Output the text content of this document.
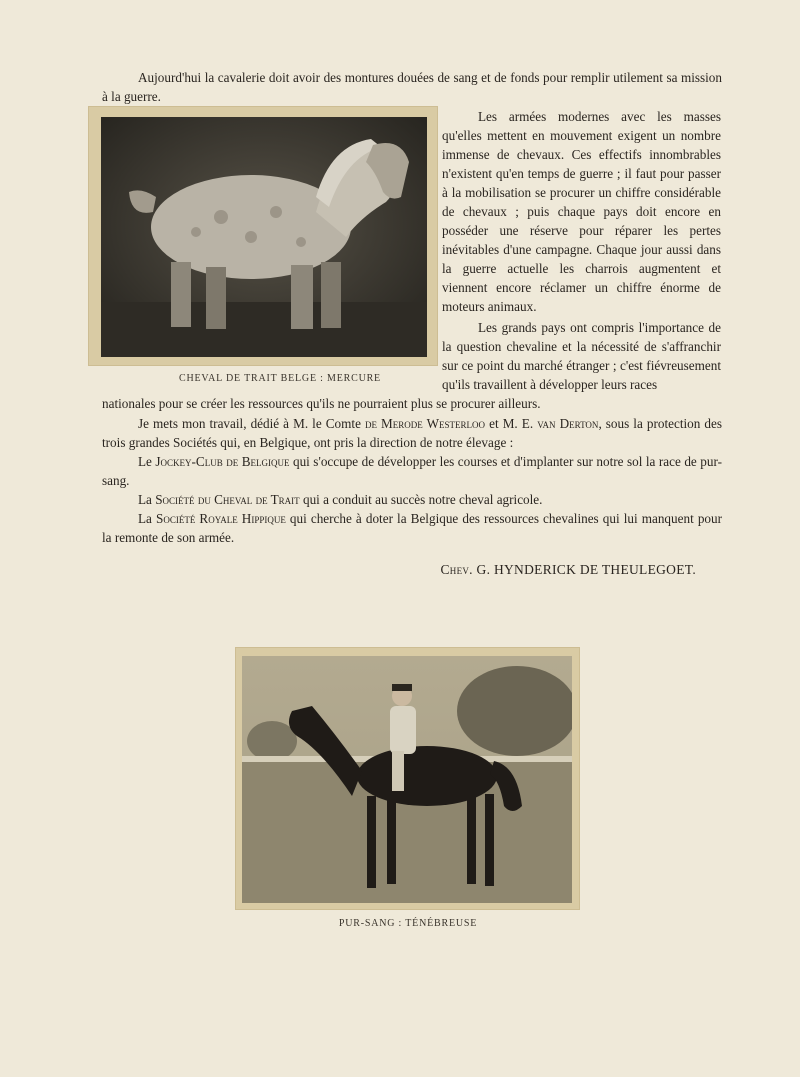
Aujourd'hui la cavalerie doit avoir des montures douées de sang et de fonds pour remplir utilement sa mission à la guerre.

Les armées modernes avec les masses qu'elles mettent en mouvement exigent un nombre immense de chevaux. Ces effectifs innombrables n'existent qu'en temps de guerre ; il faut pour passer à la mobilisation se procurer un chiffre considérable de chevaux ; puis chaque pays doit encore en posséder une réserve pour réparer les pertes inévitables d'une campagne. Chaque jour aussi dans la guerre actuelle les charrois augmentent et viennent encore réclamer un chiffre énorme de moteurs animaux.

Les grands pays ont compris l'importance de la question chevaline et la nécessité de s'affranchir sur ce point du marché étranger ; c'est fiévreusement qu'ils travaillent à développer leurs races

CHEVAL DE TRAIT BELGE : MERCURE

nationales pour se créer les ressources qu'ils ne pourraient plus se procurer ailleurs.

Je mets mon travail, dédié à M. le Comte de Merode Westerloo et M. E. van Derton, sous la protection des trois grandes Sociétés qui, en Belgique, ont pris la direction de notre élevage :

Le Jockey-Club de Belgique qui s'occupe de développer les courses et d'implanter sur notre sol la race de pur-sang.

La Société du Cheval de Trait qui a conduit au succès notre cheval agricole.

La Société Royale Hippique qui cherche à doter la Belgique des ressources chevalines qui lui manquent pour la remonte de son armée.

Chev. G. HYNDERICK DE THEULEGOET.
PUR-SANG : TÉNÉBREUSE
